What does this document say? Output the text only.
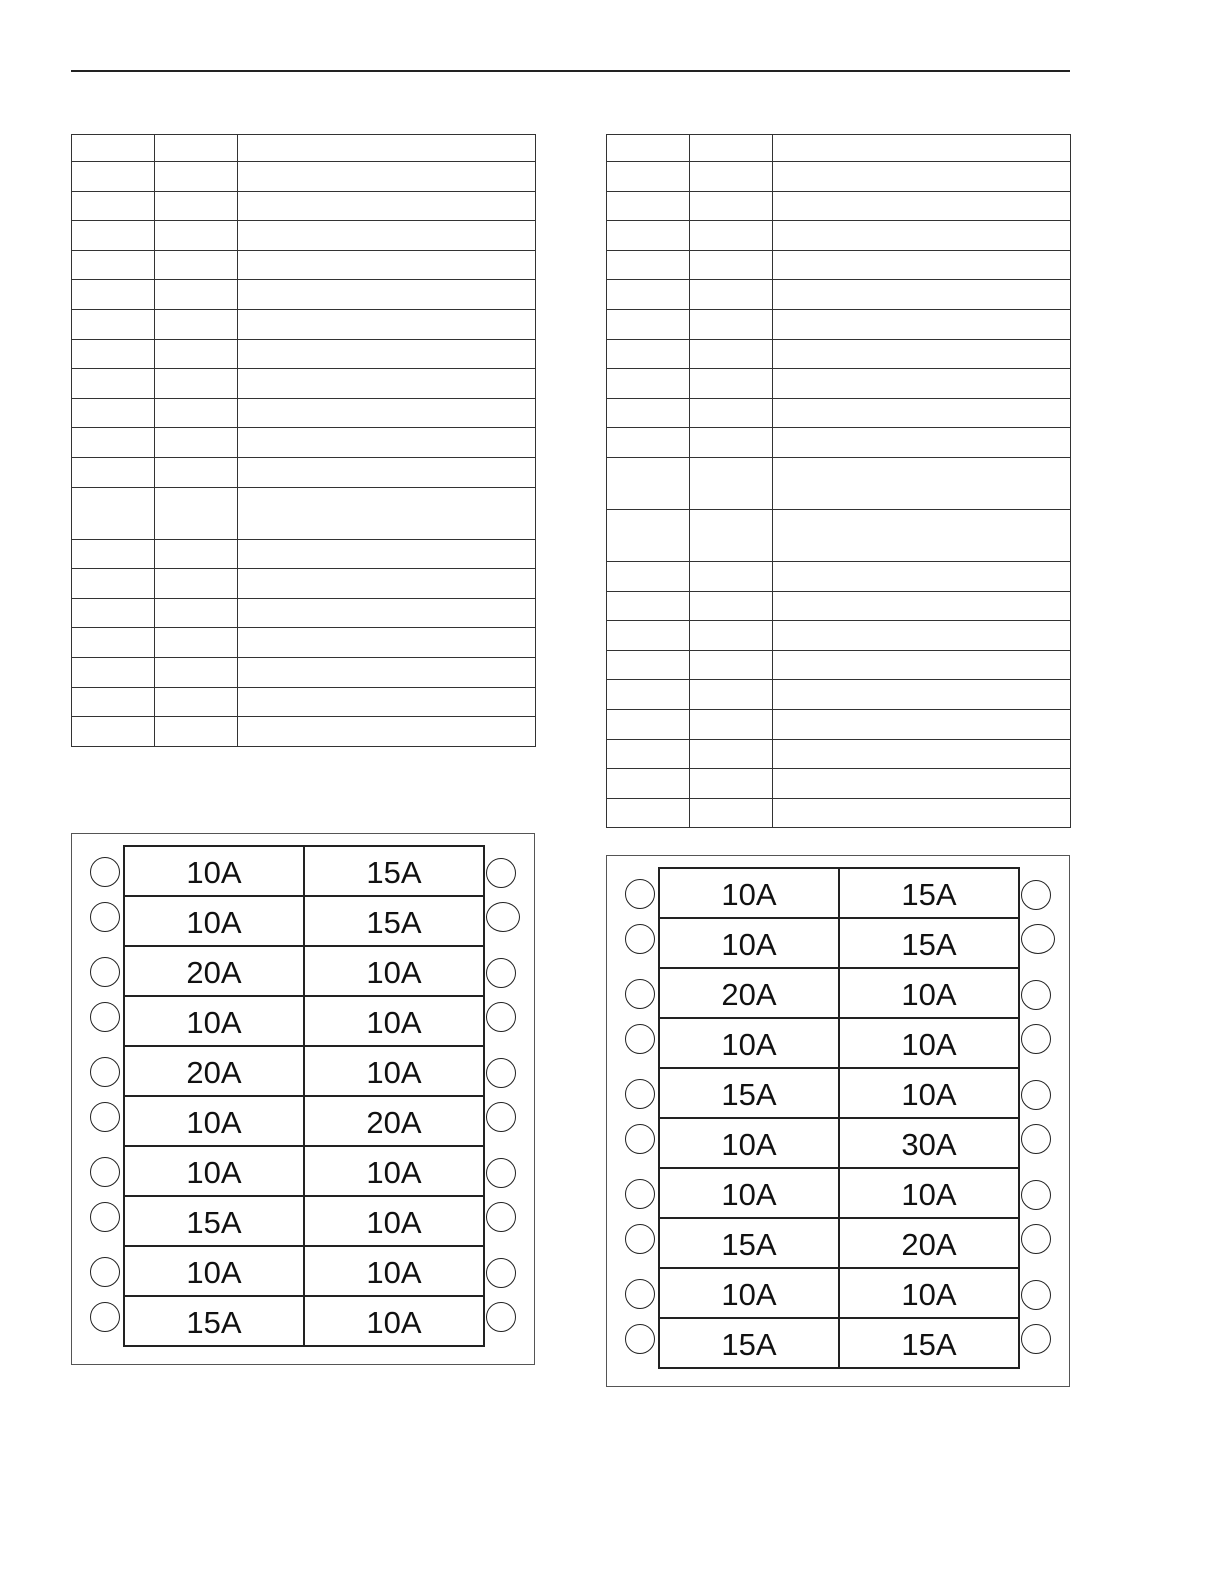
10A	15A
10A	15A
20A	10A
10A	10A
20A	10A
10A	20A
10A	10A
15A	10A
10A	10A
15A	10A
10A	15A
10A	15A
20A	10A
10A	10A
15A	10A
10A	30A
10A	10A
15A	20A
10A	10A
15A	15A
